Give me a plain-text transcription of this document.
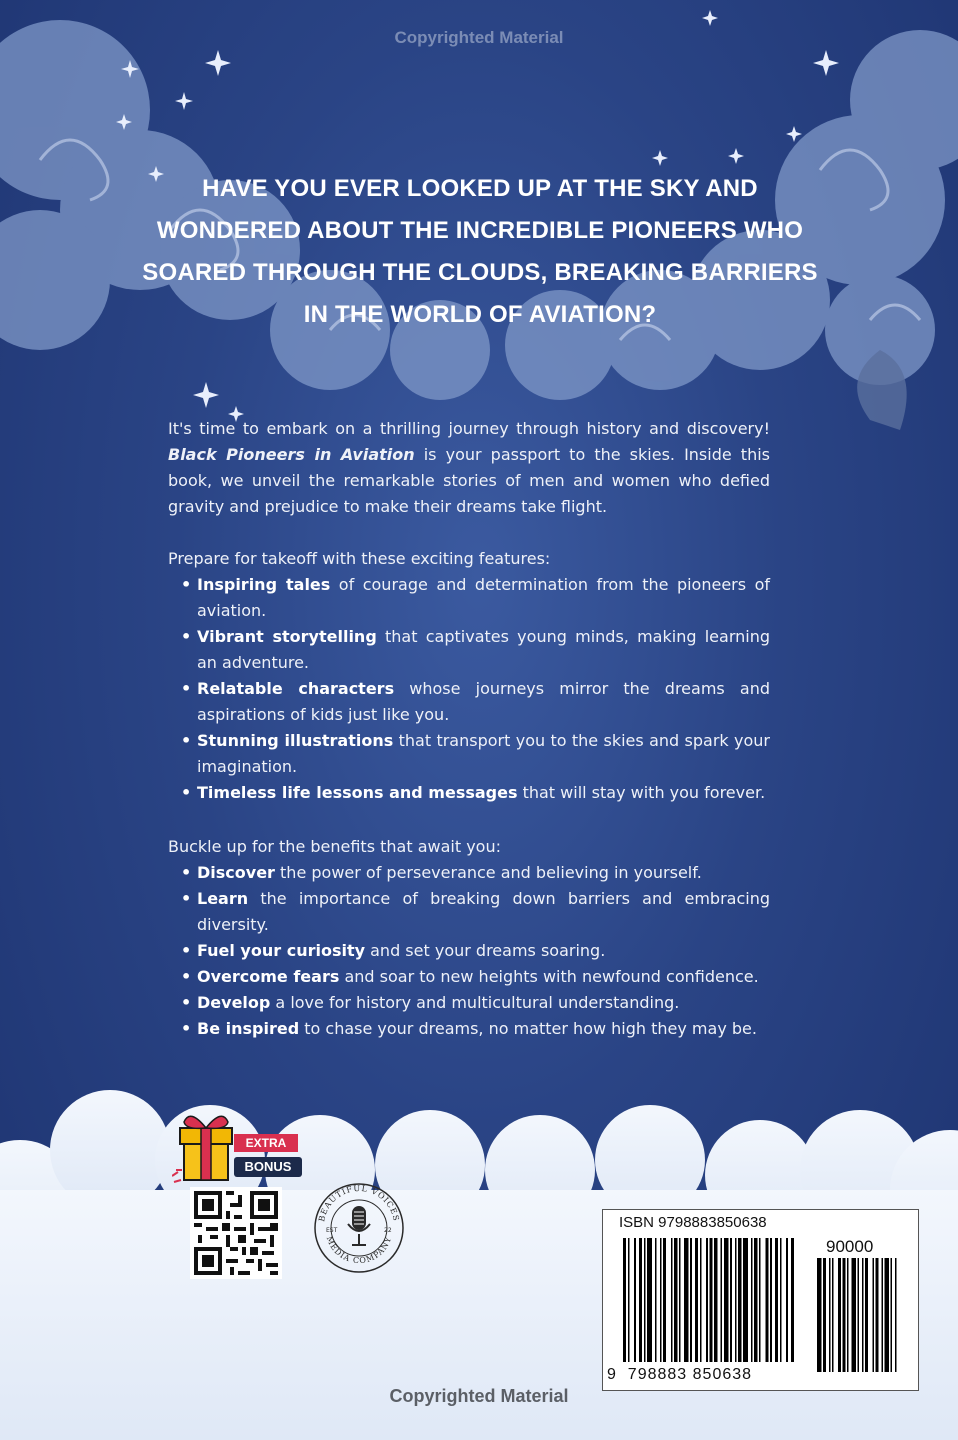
Copyrighted Material
HAVE YOU EVER LOOKED UP AT THE SKY AND WONDERED ABOUT THE INCREDIBLE PIONEERS WHO SOARED THROUGH THE CLOUDS, BREAKING BARRIERS IN THE WORLD OF AVIATION?
It's time to embark on a thrilling journey through history and discovery! Black Pioneers in Aviation is your passport to the skies. Inside this book, we unveil the remarkable stories of men and women who defied gravity and prejudice to make their dreams take flight.

Prepare for takeoff with these exciting features:

• Inspiring tales of courage and determination from the pioneers of aviation.
• Vibrant storytelling that captivates young minds, making learning an adventure.
• Relatable characters whose journeys mirror the dreams and aspirations of kids just like you.
• Stunning illustrations that transport you to the skies and spark your imagination.
• Timeless life lessons and messages that will stay with you forever.

Buckle up for the benefits that await you:

• Discover the power of perseverance and believing in yourself.
• Learn the importance of breaking down barriers and embracing diversity.
• Fuel your curiosity and set your dreams soaring.
• Overcome fears and soar to new heights with newfound confidence.
• Develop a love for history and multicultural understanding.
• Be inspired to chase your dreams, no matter how high they may be.
EXTRA
BONUS
BEAUTIFUL VOICES
MEDIA COMPANY
EST	22	ISBN 9798883850638
90000
9 798883 850638
Copyrighted Material
